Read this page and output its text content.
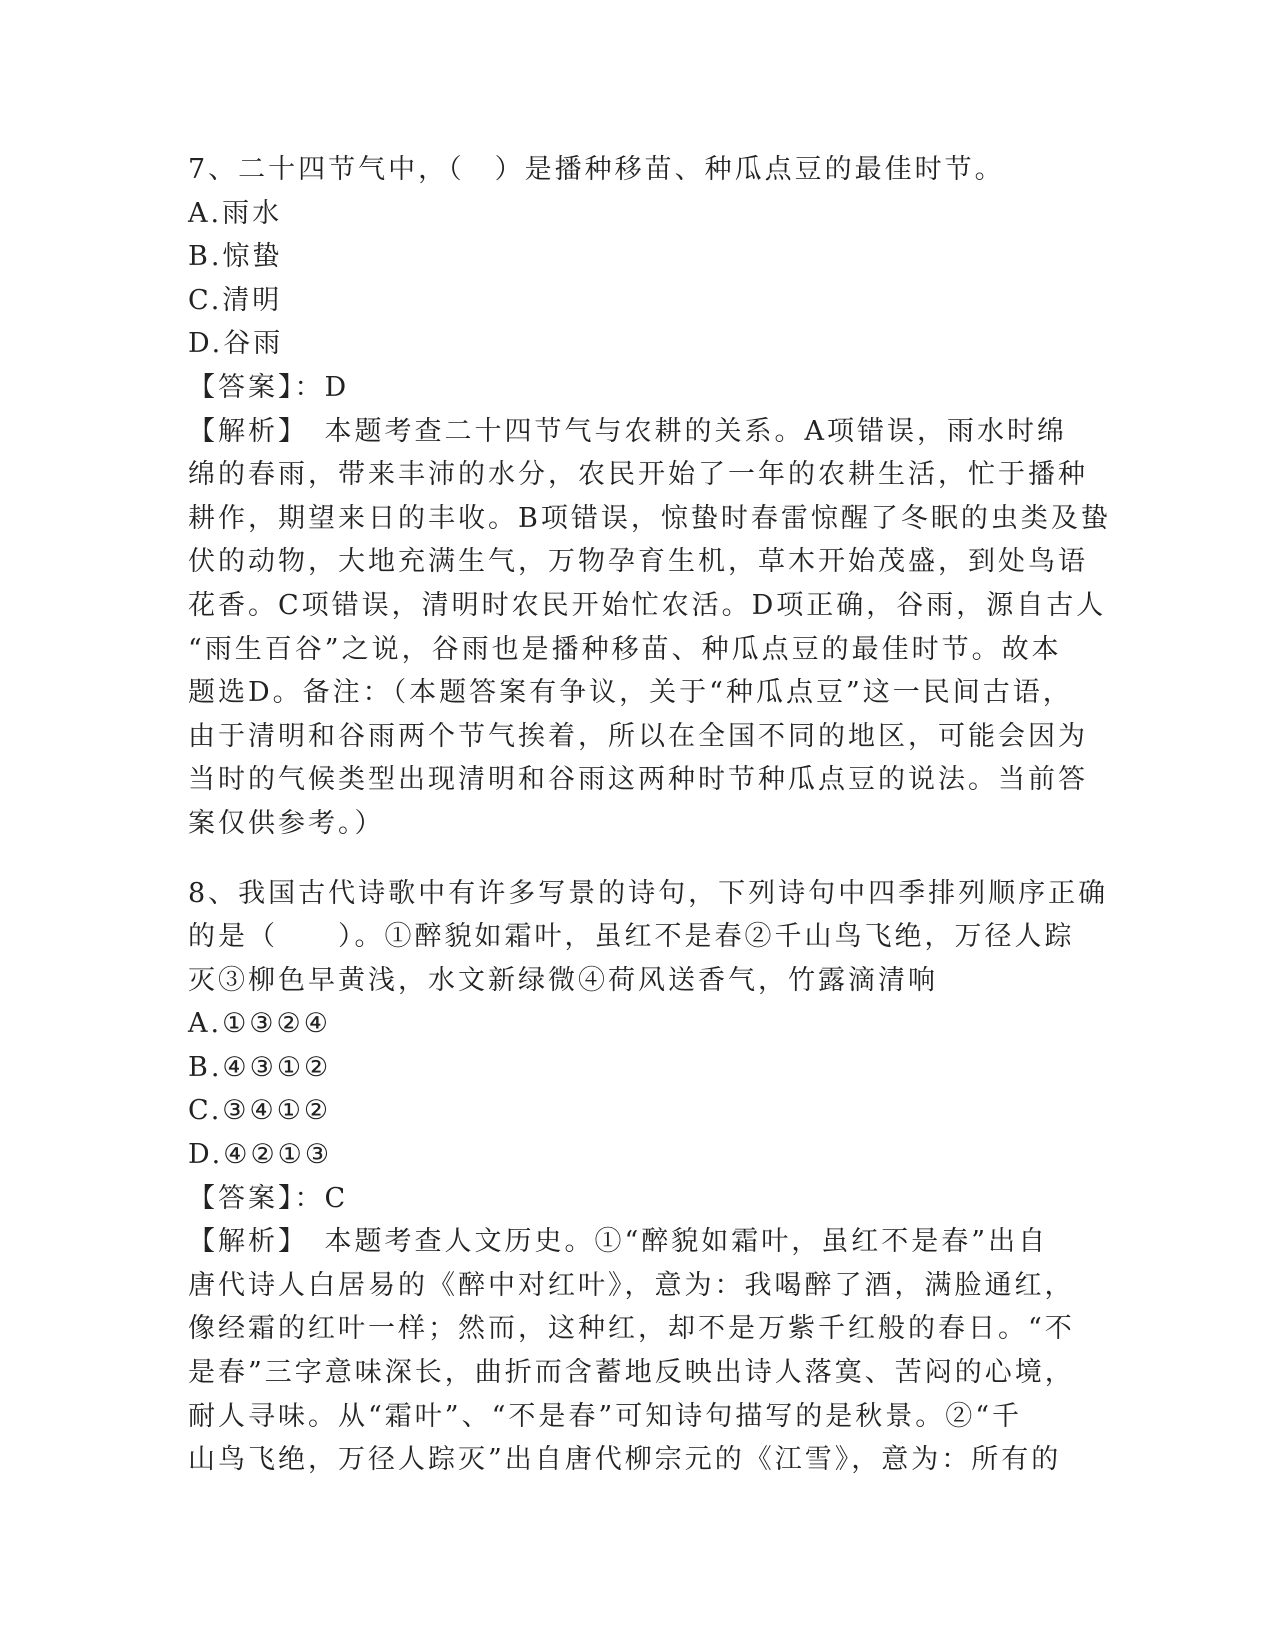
7、二十四节气中，（　）是播种移苗、种瓜点豆的最佳时节。
A.雨水
B.惊蛰
C.清明
D.谷雨
【答案】：D
【解析】　本题考查二十四节气与农耕的关系。A项错误，雨水时绵
绵的春雨，带来丰沛的水分，农民开始了一年的农耕生活，忙于播种
耕作，期望来日的丰收。B项错误，惊蛰时春雷惊醒了冬眠的虫类及蛰
伏的动物，大地充满生气，万物孕育生机，草木开始茂盛，到处鸟语
花香。C项错误，清明时农民开始忙农活。D项正确，谷雨，源自古人
“雨生百谷”之说，谷雨也是播种移苗、种瓜点豆的最佳时节。故本
题选D。备注：（本题答案有争议，关于“种瓜点豆”这一民间古语，
由于清明和谷雨两个节气挨着，所以在全国不同的地区，可能会因为
当时的气候类型出现清明和谷雨这两种时节种瓜点豆的说法。当前答
案仅供参考。）
8、我国古代诗歌中有许多写景的诗句，下列诗句中四季排列顺序正确
的是（　　）。①醉貌如霜叶，虽红不是春②千山鸟飞绝，万径人踪
灭③柳色早黄浅，水文新绿微④荷风送香气，竹露滴清响
A.①③②④
B.④③①②
C.③④①②
D.④②①③
【答案】：C
【解析】　本题考查人文历史。①“醉貌如霜叶，虽红不是春”出自
唐代诗人白居易的《醉中对红叶》，意为：我喝醉了酒，满脸通红，
像经霜的红叶一样；然而，这种红，却不是万紫千红般的春日。“不
是春”三字意味深长，曲折而含蓄地反映出诗人落寞、苦闷的心境，
耐人寻味。从“霜叶”、“不是春”可知诗句描写的是秋景。②“千
山鸟飞绝，万径人踪灭”出自唐代柳宗元的《江雪》，意为：所有的
